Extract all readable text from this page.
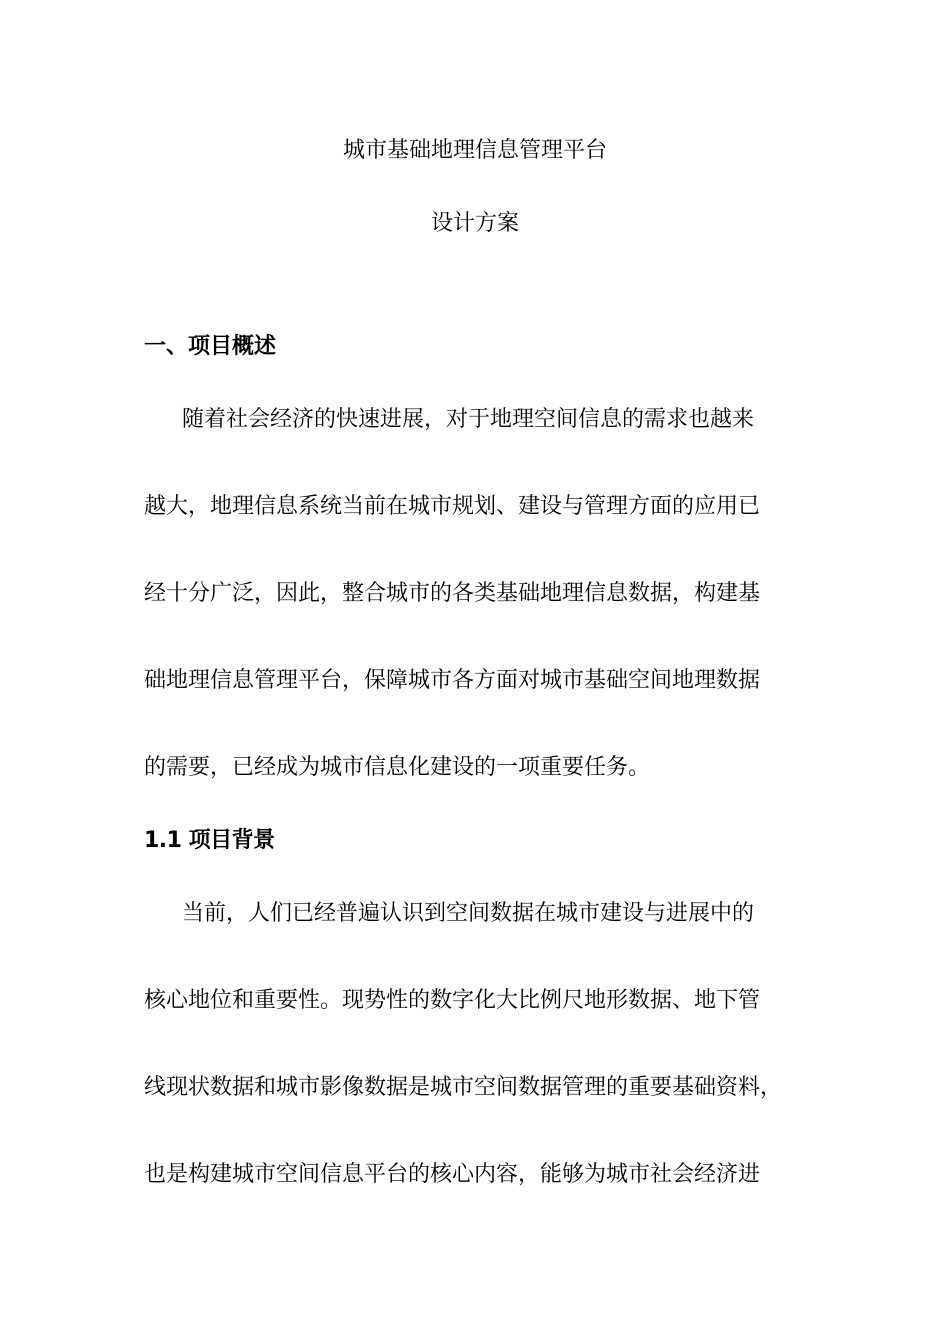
城市基础地理信息管理平台
设计方案
一、项目概述
随着社会经济的快速进展，对于地理空间信息的需求也越来
越大，地理信息系统当前在城市规划、建设与管理方面的应用已
经十分广泛，因此，整合城市的各类基础地理信息数据，构建基
础地理信息管理平台，保障城市各方面对城市基础空间地理数据
的需要，已经成为城市信息化建设的一项重要任务。
1.1 项目背景
当前，人们已经普遍认识到空间数据在城市建设与进展中的
核心地位和重要性。现势性的数字化大比例尺地形数据、地下管
线现状数据和城市影像数据是城市空间数据管理的重要基础资料，
也是构建城市空间信息平台的核心内容，能够为城市社会经济进
